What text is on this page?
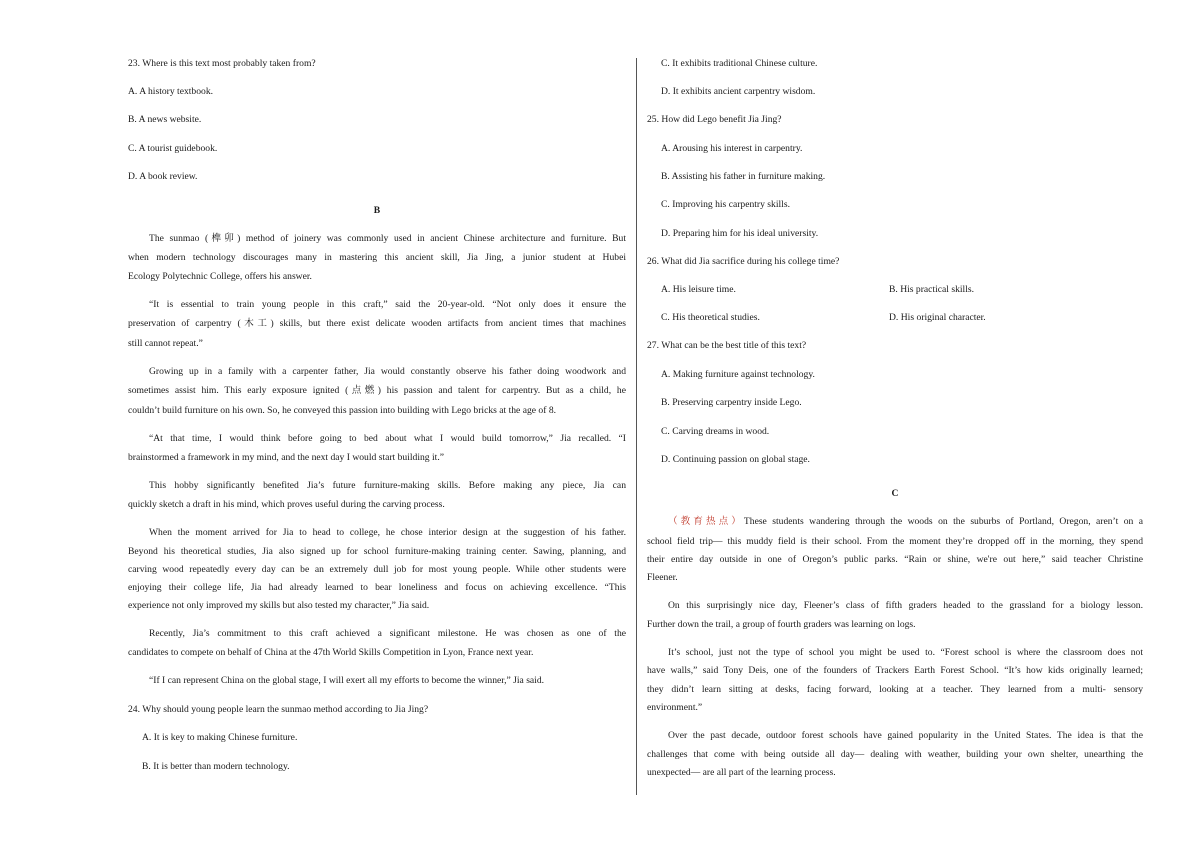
23. Where is this text most probably taken from?
A. A history textbook.
B. A news website.
C. A tourist guidebook.
D. A book review.
B
The sunmao (榫卯) method of joinery was commonly used in ancient Chinese architecture and furniture. But
when modern technology discourages many in mastering this ancient skill, Jia Jing, a junior student at Hubei
Ecology Polytechnic College, offers his answer.
“It is essential to train young people in this craft,” said the 20-year-old. “Not only does it ensure the
preservation of carpentry (木工) skills, but there exist delicate wooden artifacts from ancient times that machines
still cannot repeat.”
Growing up in a family with a carpenter father, Jia would constantly observe his father doing woodwork and
sometimes assist him. This early exposure ignited (点燃) his passion and talent for carpentry. But as a child, he
couldn’t build furniture on his own. So, he conveyed this passion into building with Lego bricks at the age of 8.
“At that time, I would think before going to bed about what I would build tomorrow,” Jia recalled. “I
brainstormed a framework in my mind, and the next day I would start building it.”
This hobby significantly benefited Jia’s future furniture-making skills. Before making any piece, Jia can
quickly sketch a draft in his mind, which proves useful during the carving process.
When the moment arrived for Jia to head to college, he chose interior design at the suggestion of his father.
Beyond his theoretical studies, Jia also signed up for school furniture-making training center. Sawing, planning, and
carving wood repeatedly every day can be an extremely dull job for most young people. While other students were
enjoying their college life, Jia had already learned to bear loneliness and focus on achieving excellence. “This
experience not only improved my skills but also tested my character,” Jia said.
Recently, Jia’s commitment to this craft achieved a significant milestone. He was chosen as one of the
candidates to compete on behalf of China at the 47th World Skills Competition in Lyon, France next year.
“If I can represent China on the global stage, I will exert all my efforts to become the winner,” Jia said.
24. Why should young people learn the sunmao method according to Jia Jing?
A. It is key to making Chinese furniture.
B. It is better than modern technology.
C. It exhibits traditional Chinese culture.
D. It exhibits ancient carpentry wisdom.
25. How did Lego benefit Jia Jing?
A. Arousing his interest in carpentry.
B. Assisting his father in furniture making.
C. Improving his carpentry skills.
D. Preparing him for his ideal university.
26. What did Jia sacrifice during his college time?
A. His leisure time.	B. His practical skills.
C. His theoretical studies.	D. His original character.
27. What can be the best title of this text?
A. Making furniture against technology.
B. Preserving carpentry inside Lego.
C. Carving dreams in wood.
D. Continuing passion on global stage.
C
（教育热点）These students wandering through the woods on the suburbs of Portland, Oregon, aren’t on a
school field trip— this muddy field is their school. From the moment they’re dropped off in the morning, they spend
their entire day outside in one of Oregon’s public parks. “Rain or shine, we're out here,” said teacher Christine
Fleener.
On this surprisingly nice day, Fleener’s class of fifth graders headed to the grassland for a biology lesson.
Further down the trail, a group of fourth graders was learning on logs.
It’s school, just not the type of school you might be used to. “Forest school is where the classroom does not
have walls,” said Tony Deis, one of the founders of Trackers Earth Forest School. “It’s how kids originally learned;
they didn’t learn sitting at desks, facing forward, looking at a teacher. They learned from a multi- sensory
environment.”
Over the past decade, outdoor forest schools have gained popularity in the United States. The idea is that the
challenges that come with being outside all day— dealing with weather, building your own shelter, unearthing the
unexpected— are all part of the learning process.
